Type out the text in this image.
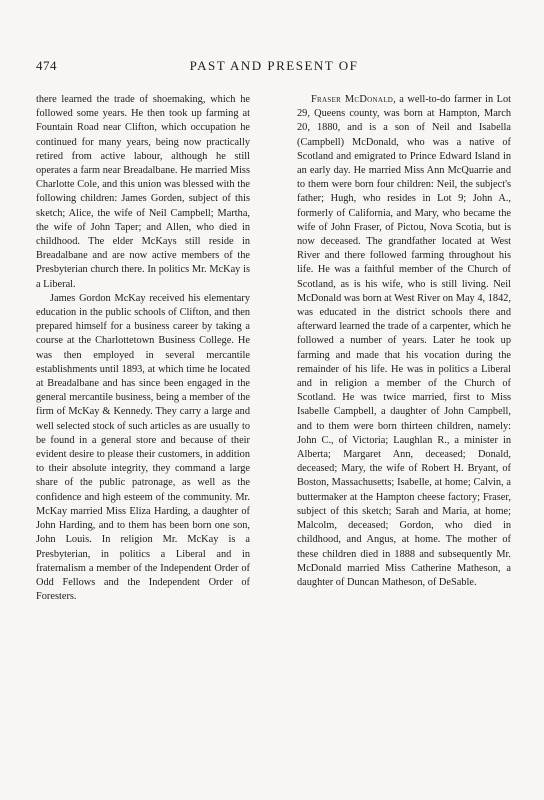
474	PAST AND PRESENT OF

there learned the trade of shoemaking, which he followed some years. He then took up farming at Fountain Road near Clifton, which occupation he continued for many years, being now practically retired from active labour, although he still operates a farm near Breadalbane. He married Miss Charlotte Cole, and this union was blessed with the following children: James Gorden, subject of this sketch; Alice, the wife of Neil Campbell; Martha, the wife of John Taper; and Allen, who died in childhood. The elder McKays still reside in Breadalbane and are now active members of the Presbyterian church there. In politics Mr. McKay is a Liberal.

James Gordon McKay received his elementary education in the public schools of Clifton, and then prepared himself for a business career by taking a course at the Charlottetown Business College. He was then employed in several mercantile establishments until 1893, at which time he located at Breadalbane and has since been engaged in the general mercantile business, being a member of the firm of McKay & Kennedy. They carry a large and well selected stock of such articles as are usually to be found in a general store and because of their evident desire to please their customers, in addition to their absolute integrity, they command a large share of the public patronage, as well as the confidence and high esteem of the community. Mr. McKay married Miss Eliza Harding, a daughter of John Harding, and to them has been born one son, John Louis. In religion Mr. McKay is a Presbyterian, in politics a Liberal and in fraternalism a member of the Independent Order of Odd Fellows and the Independent Order of Foresters.

Fraser McDonald, a well-to-do farmer in Lot 29, Queens county, was born at Hampton, March 20, 1880, and is a son of Neil and Isabella (Campbell) McDonald, who was a native of Scotland and emigrated to Prince Edward Island in an early day. He married Miss Ann McQuarrie and to them were born four children: Neil, the subject's father; Hugh, who resides in Lot 9; John A., formerly of California, and Mary, who became the wife of John Fraser, of Pictou, Nova Scotia, but is now deceased. The grandfather located at West River and there followed farming throughout his life. He was a faithful member of the Church of Scotland, as is his wife, who is still living. Neil McDonald was born at West River on May 4, 1842, was educated in the district schools there and afterward learned the trade of a carpenter, which he followed a number of years. Later he took up farming and made that his vocation during the remainder of his life. He was in politics a Liberal and in religion a member of the Church of Scotland. He was twice married, first to Miss Isabelle Campbell, a daughter of John Campbell, and to them were born thirteen children, namely: John C., of Victoria; Laughlan R., a minister in Alberta; Margaret Ann, deceased; Donald, deceased; Mary, the wife of Robert H. Bryant, of Boston, Massachusetts; Isabelle, at home; Calvin, a buttermaker at the Hampton cheese factory; Fraser, subject of this sketch; Sarah and Maria, at home; Malcolm, deceased; Gordon, who died in childhood, and Angus, at home. The mother of these children died in 1888 and subsequently Mr. McDonald married Miss Catherine Matheson, a daughter of Duncan Matheson, of DeSable.
